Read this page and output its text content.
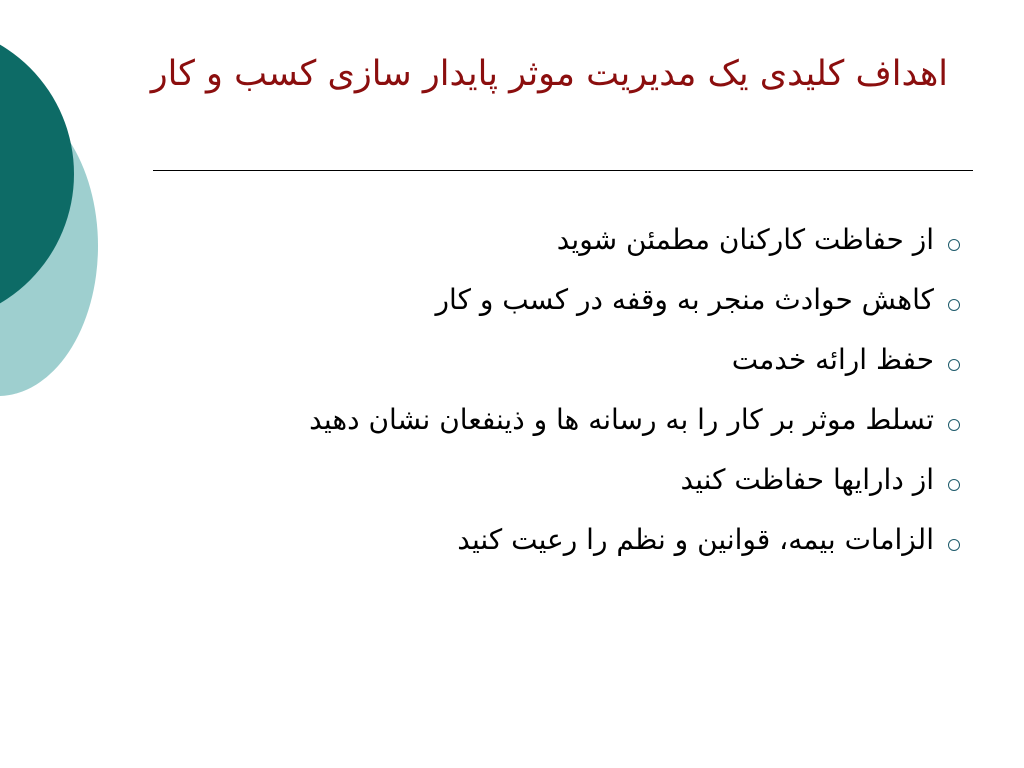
اهداف کلیدی یک مدیریت موثر پایدار سازی کسب و کار
از حفاظت کارکنان مطمئن شوید
کاهش حوادث منجر به وقفه در کسب و کار
حفظ ارائه خدمت
تسلط موثر بر کار را به رسانه ها و ذینفعان نشان دهید
از دارایها حفاظت کنید
الزامات بیمه، قوانین و نظم را رعیت کنید
